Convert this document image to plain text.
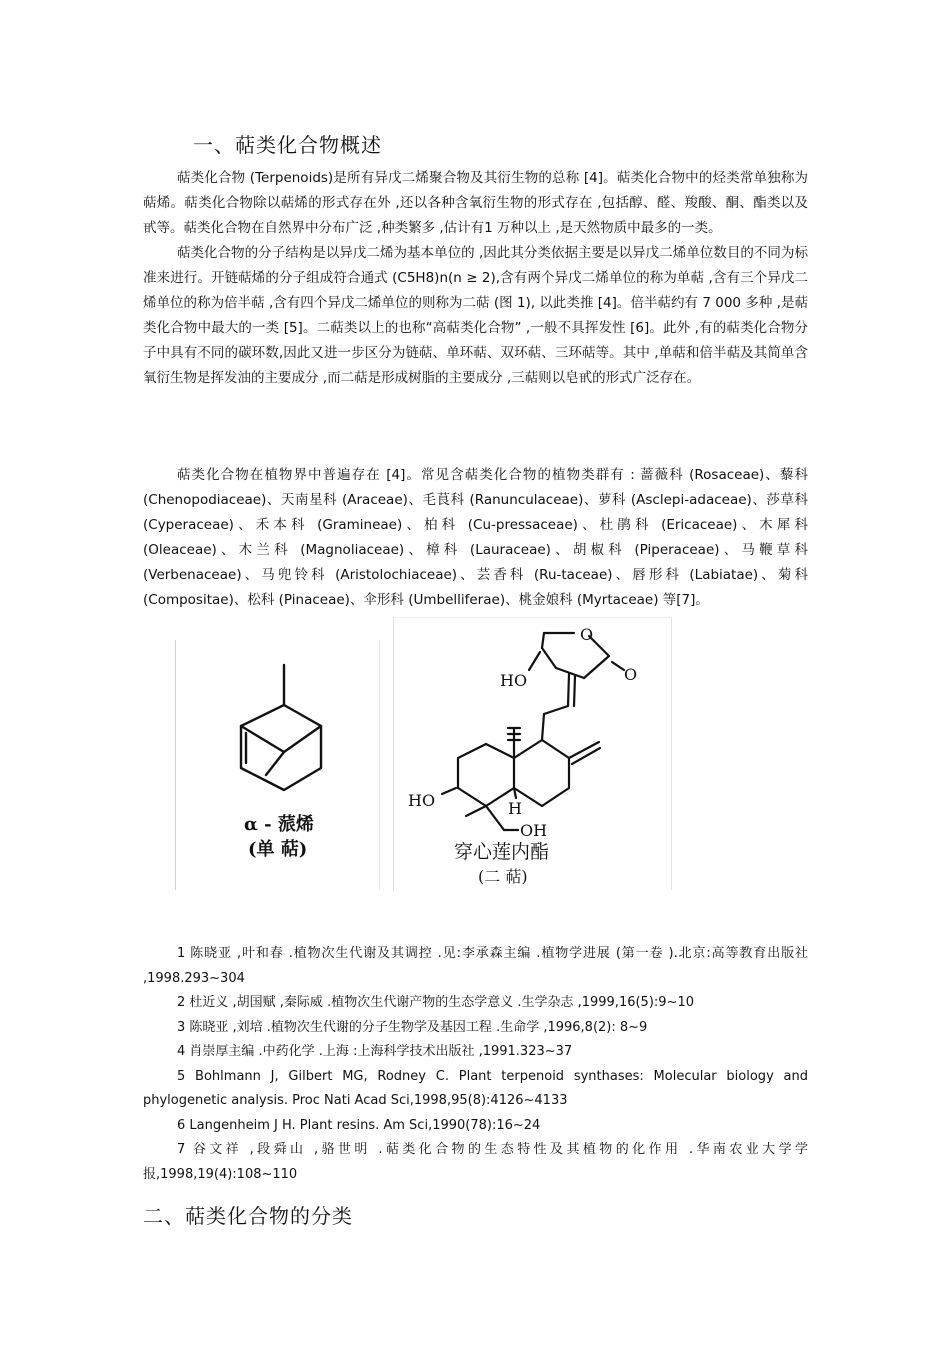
一、萜类化合物概述

萜类化合物 (Terpenoids)是所有异戊二烯聚合物及其衍生物的总称 [4]。萜类化合物中的烃类常单独称为萜烯。萜类化合物除以萜烯的形式存在外 ,还以各种含氧衍生物的形式存在 ,包括醇、醛、羧酸、酮、酯类以及甙等。萜类化合物在自然界中分布广泛 ,种类繁多 ,估计有1 万种以上 ,是天然物质中最多的一类。

萜类化合物的分子结构是以异戊二烯为基本单位的 ,因此其分类依据主要是以异戊二烯单位数目的不同为标准来进行。开链萜烯的分子组成符合通式 (C5H8)n(n ≥ 2),含有两个异戊二烯单位的称为单萜 ,含有三个异戊二烯单位的称为倍半萜 ,含有四个异戊二烯单位的则称为二萜 (图 1), 以此类推 [4]。倍半萜约有 7 000 多种 ,是萜类化合物中最大的一类 [5]。二萜类以上的也称“高萜类化合物” ,一般不具挥发性 [6]。此外 ,有的萜类化合物分子中具有不同的碳环数,因此又进一步区分为链萜、单环萜、双环萜、三环萜等。其中 ,单萜和倍半萜及其简单含氧衍生物是挥发油的主要成分 ,而二萜是形成树脂的主要成分 ,三萜则以皂甙的形式广泛存在。

萜类化合物在植物界中普遍存在 [4]。常见含萜类化合物的植物类群有 : 蔷薇科 (Rosaceae)、藜科 (Chenopodiaceae)、天南星科 (Araceae)、毛茛科 (Ranunculaceae)、萝科 (Asclepi-adaceae)、莎草科 (Cyperaceae)、禾本科 (Gramineae)、柏科 (Cu-pressaceae)、杜鹃科 (Ericaceae)、木犀科 (Oleaceae)、木兰科 (Magnoliaceae)、樟科 (Lauraceae)、胡椒科 (Piperaceae)、马鞭草科 (Verbenaceae)、马兜铃科 (Aristolochiaceae)、芸香科 (Ru-taceae)、唇形科 (Labiatae)、菊科 (Compositae)、松科 (Pinaceae)、伞形科 (Umbelliferae)、桃金娘科 (Myrtaceae) 等[7]。

α - 蒎烯
(单 萜)
O
O
HO
HO	H
OH
穿心莲内酯
(二 萜)

1 陈晓亚 ,叶和春 .植物次生代谢及其调控 .见:李承森主编 .植物学进展 (第一卷 ).北京:高等教育出版社 ,1998.293~304

2 杜近义 ,胡国赋 ,秦际威 .植物次生代谢产物的生态学意义 .生学杂志 ,1999,16(5):9~10

3 陈晓亚 ,刘培 .植物次生代谢的分子生物学及基因工程 .生命学 ,1996,8(2): 8~9

4 肖崇厚主编 .中药化学 .上海 :上海科学技术出版社 ,1991.323~37

5 Bohlmann J, Gilbert MG, Rodney C. Plant terpenoid synthases: Molecular biology and phylogenetic analysis. Proc Nati Acad Sci,1998,95(8):4126~4133

6 Langenheim J H. Plant resins. Am Sci,1990(78):16~24

7 谷文祥 ,段舜山 ,骆世明 .萜类化合物的生态特性及其植物的化作用 .华南农业大学学报,1998,19(4):108~110

二、萜类化合物的分类
